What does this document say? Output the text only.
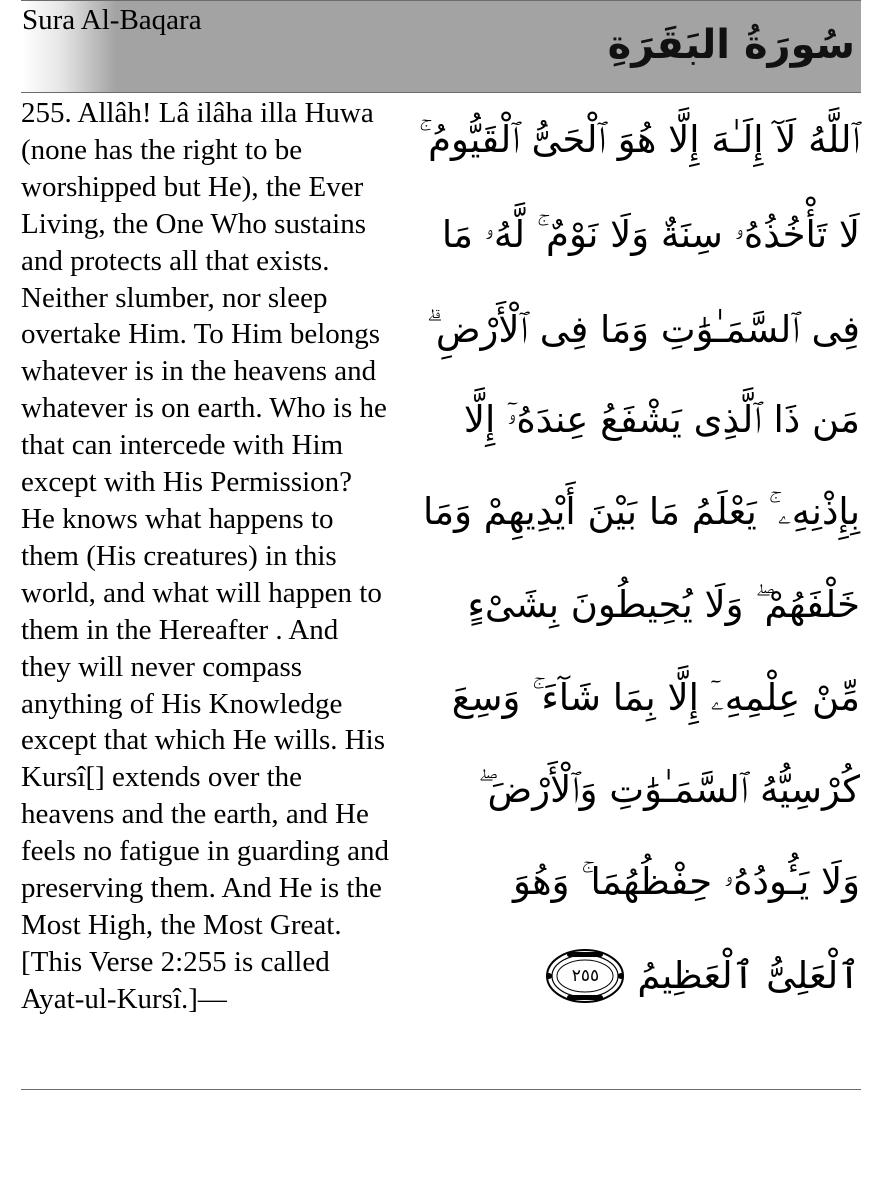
Sura Al-Baqara
سُورَةُ البَقَرَةِ

255. Allâh! Lâ ilâha illa Huwa (none has the right to be worshipped but He), the Ever Living, the One Who sustains and protects all that exists. Neither slumber, nor sleep overtake Him. To Him belongs whatever is in the heavens and whatever is on earth. Who is he that can intercede with Him except with His Permission? He knows what happens to them (His creatures) in this world, and what will happen to them in the Hereafter . And they will never compass anything of His Knowledge except that which He wills. His Kursî[] extends over the heavens and the earth, and He feels no fatigue in guarding and preserving them. And He is the Most High, the Most Great. [This Verse 2:255 is called Ayat-ul-Kursî.]—

ٱللَّهُ لَآ إِلَـٰهَ إِلَّا هُوَ ٱلْحَىُّ ٱلْقَيُّومُ ۚ
لَا تَأْخُذُهُۥ سِنَةٌ وَلَا نَوْمٌ ۚ لَّهُۥ مَا
فِى ٱلسَّمَـٰوَٰتِ وَمَا فِى ٱلْأَرْضِ ۗ
مَن ذَا ٱلَّذِى يَشْفَعُ عِندَهُۥٓ إِلَّا
بِإِذْنِهِۦ ۚ يَعْلَمُ مَا بَيْنَ أَيْدِيهِمْ وَمَا
خَلْفَهُمْ ۖ وَلَا يُحِيطُونَ بِشَىْءٍ
مِّنْ عِلْمِهِۦٓ إِلَّا بِمَا شَآءَ ۚ وَسِعَ
كُرْسِيُّهُ ٱلسَّمَـٰوَٰتِ وَٱلْأَرْضَ ۖ
وَلَا يَـُٔودُهُۥ حِفْظُهُمَا ۚ وَهُوَ
ٱلْعَلِىُّ ٱلْعَظِيمُ
٢٥٥
